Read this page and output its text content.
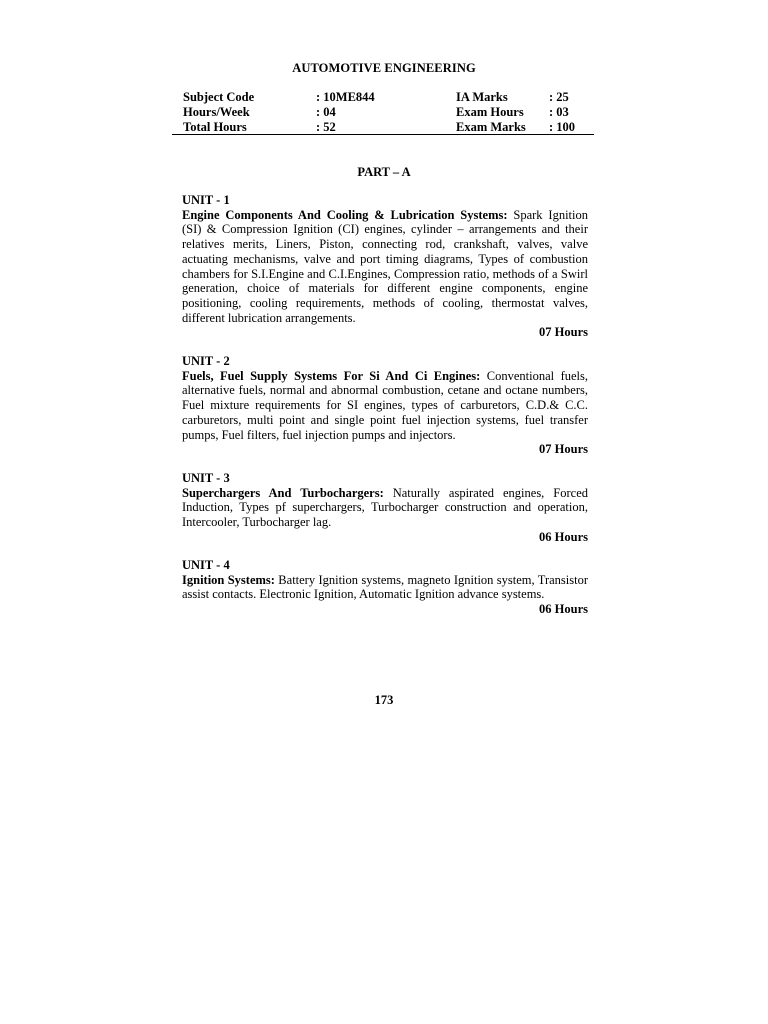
AUTOMOTIVE ENGINEERING
Subject Code	: 10ME844	IA Marks	: 25
Hours/Week	: 04	Exam Hours : 03
Total Hours	: 52	Exam Marks : 100
PART – A
UNIT - 1

Engine Components And Cooling & Lubrication Systems: Spark Ignition (SI) & Compression Ignition (CI) engines, cylinder – arrangements and their relatives merits, Liners, Piston, connecting rod, crankshaft, valves, valve actuating mechanisms, valve and port timing diagrams, Types of combustion chambers for S.I.Engine and C.I.Engines, Compression ratio, methods of a Swirl generation, choice of materials for different engine components, engine positioning, cooling requirements, methods of cooling, thermostat valves, different lubrication arrangements.

07 Hours

UNIT - 2

Fuels, Fuel Supply Systems For Si And Ci Engines: Conventional fuels, alternative fuels, normal and abnormal combustion, cetane and octane numbers, Fuel mixture requirements for SI engines, types of carburetors, C.D.& C.C. carburetors, multi point and single point fuel injection systems, fuel transfer pumps, Fuel filters, fuel injection pumps and injectors.

07 Hours

UNIT - 3

Superchargers And Turbochargers: Naturally aspirated engines, Forced Induction, Types pf superchargers, Turbocharger construction and operation, Intercooler, Turbocharger lag.

06 Hours

UNIT - 4

Ignition Systems: Battery Ignition systems, magneto Ignition system, Transistor assist contacts. Electronic Ignition, Automatic Ignition advance systems.

06 Hours

173
